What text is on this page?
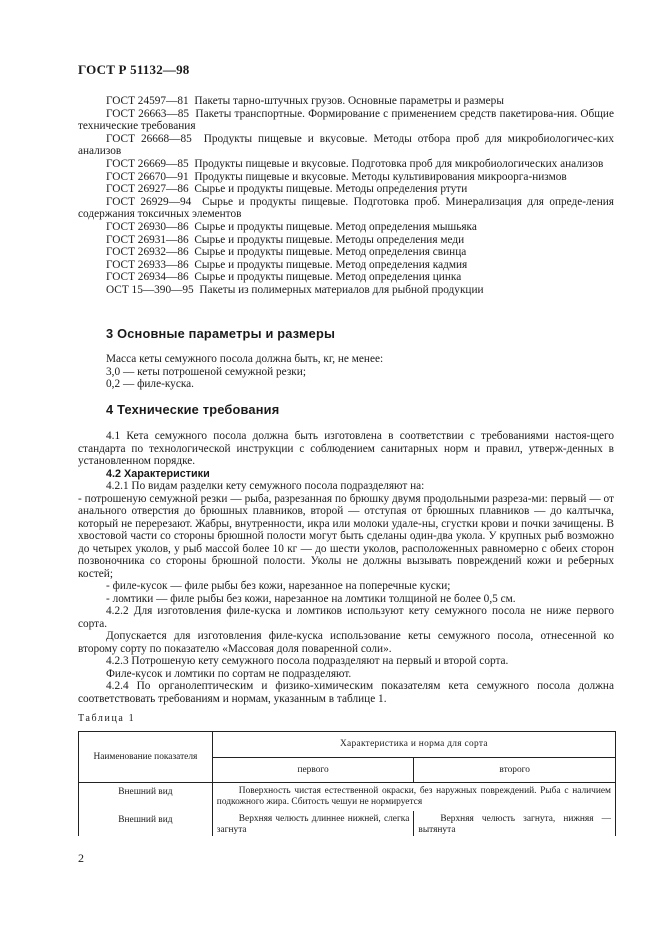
ГОСТ Р 51132—98
ГОСТ 24597—81 Пакеты тарно-штучных грузов. Основные параметры и размеры
ГОСТ 26663—85 Пакеты транспортные. Формирование с применением средств пакетирова-ния. Общие технические требования
ГОСТ 26668—85 Продукты пищевые и вкусовые. Методы отбора проб для микробиологичес-ких анализов
ГОСТ 26669—85 Продукты пищевые и вкусовые. Подготовка проб для микробиологических анализов
ГОСТ 26670—91 Продукты пищевые и вкусовые. Методы культивирования микроорга-низмов
ГОСТ 26927—86 Сырье и продукты пищевые. Методы определения ртути
ГОСТ 26929—94 Сырье и продукты пищевые. Подготовка проб. Минерализация для опреде-ления содержания токсичных элементов
ГОСТ 26930—86 Сырье и продукты пищевые. Метод определения мышьяка
ГОСТ 26931—86 Сырье и продукты пищевые. Методы определения меди
ГОСТ 26932—86 Сырье и продукты пищевые. Метод определения свинца
ГОСТ 26933—86 Сырье и продукты пищевые. Метод определения кадмия
ГОСТ 26934—86 Сырье и продукты пищевые. Метод определения цинка
ОСТ 15—390—95 Пакеты из полимерных материалов для рыбной продукции
3 Основные параметры и размеры
Масса кеты семужного посола должна быть, кг, не менее:
3,0 — кеты потрошеной семужной резки;
0,2 — филе-куска.
4 Технические требования
4.1 Кета семужного посола должна быть изготовлена в соответствии с требованиями настоя-щего стандарта по технологической инструкции с соблюдением санитарных норм и правил, утверж-денных в установленном порядке.
4.2 Характеристики
4.2.1 По видам разделки кету семужного посола подразделяют на:
- потрошеную семужной резки — рыба, разрезанная по брюшку двумя продольными разреза-ми: первый — от анального отверстия до брюшных плавников, второй — отступая от брюшных плавников — до калтычка, который не перерезают. Жабры, внутренности, икра или молоки удале-ны, сгустки крови и почки зачищены. В хвостовой части со стороны брюшной полости могут быть сделаны один-два укола. У крупных рыб возможно до четырех уколов, у рыб массой более 10 кг — до шести уколов, расположенных равномерно с обеих сторон позвоночника со стороны брюшной полости. Уколы не должны вызывать повреждений кожи и реберных костей;
- филе-кусок — филе рыбы без кожи, нарезанное на поперечные куски;
- ломтики — филе рыбы без кожи, нарезанное на ломтики толщиной не более 0,5 см.
4.2.2 Для изготовления филе-куска и ломтиков используют кету семужного посола не ниже первого сорта.
Допускается для изготовления филе-куска использование кеты семужного посола, отнесенной ко второму сорту по показателю «Массовая доля поваренной соли».
4.2.3 Потрошеную кету семужного посола подразделяют на первый и второй сорта.
Филе-кусок и ломтики по сортам не подразделяют.
4.2.4 По органолептическим и физико-химическим показателям кета семужного посола должна соответствовать требованиям и нормам, указанным в таблице 1.
Таблица 1
Наименование показателя	Характеристика и норма для сорта	
	первого	второго
Внешний вид	Поверхность чистая естественной окраски, без наружных повреждений. Рыба с наличием подкожного жира. Сбитость чешуи не нормируется	

Внешний вид	Верхняя челюсть длиннее нижней, слегка загнута	Верхняя челюсть загнута, нижняя — вытянута
2
